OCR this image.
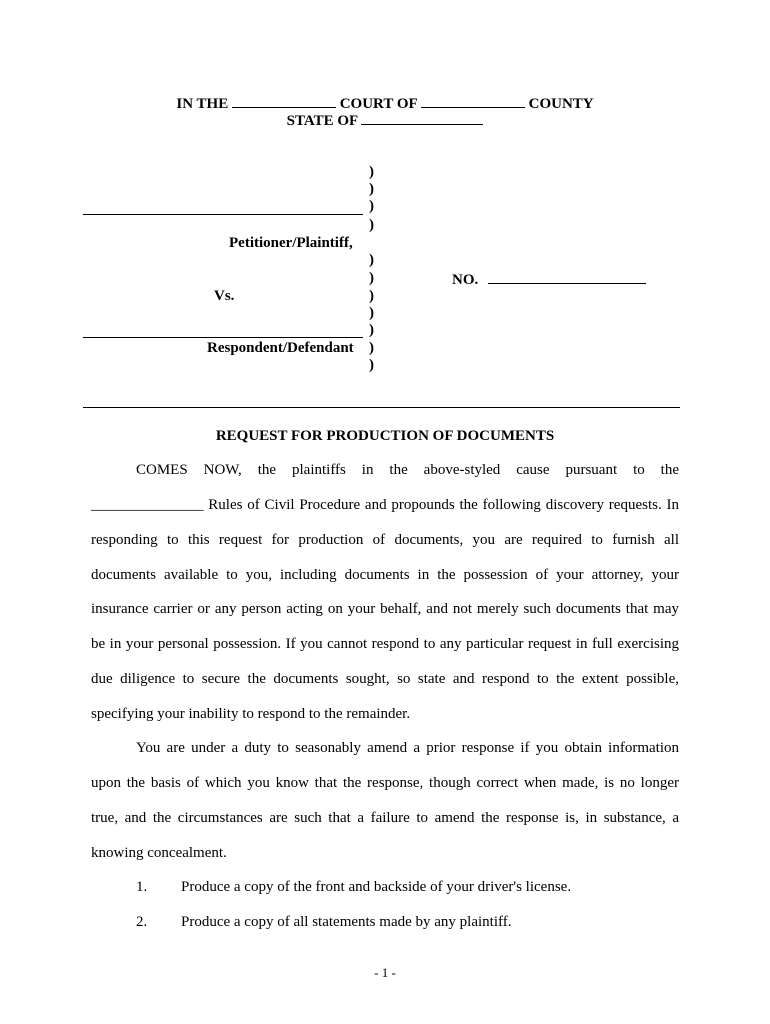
IN THE	COURT OF	COUNTY
STATE OF
)
)
)
)
)
)
)
)
)
)
)
Petitioner/Plaintiff,
Vs.
NO.
Respondent/Defendant
REQUEST FOR PRODUCTION OF DOCUMENTS
COMES NOW, the plaintiffs in the above-styled cause pursuant to the
_______________ Rules of Civil Procedure and propounds the following discovery requests. In
responding to this request for production of documents, you are required to furnish all
documents available to you, including documents in the possession of your attorney, your
insurance carrier or any person acting on your behalf, and not merely such documents that may
be in your personal possession. If you cannot respond to any particular request in full exercising
due diligence to secure the documents sought, so state and respond to the extent possible,
specifying your inability to respond to the remainder.
You are under a duty to seasonably amend a prior response if you obtain information
upon the basis of which you know that the response, though correct when made, is no longer
true, and the circumstances are such that a failure to amend the response is, in substance, a
knowing concealment.
1. Produce a copy of the front and backside of your driver's license.
2. Produce a copy of all statements made by any plaintiff.
- 1 -
